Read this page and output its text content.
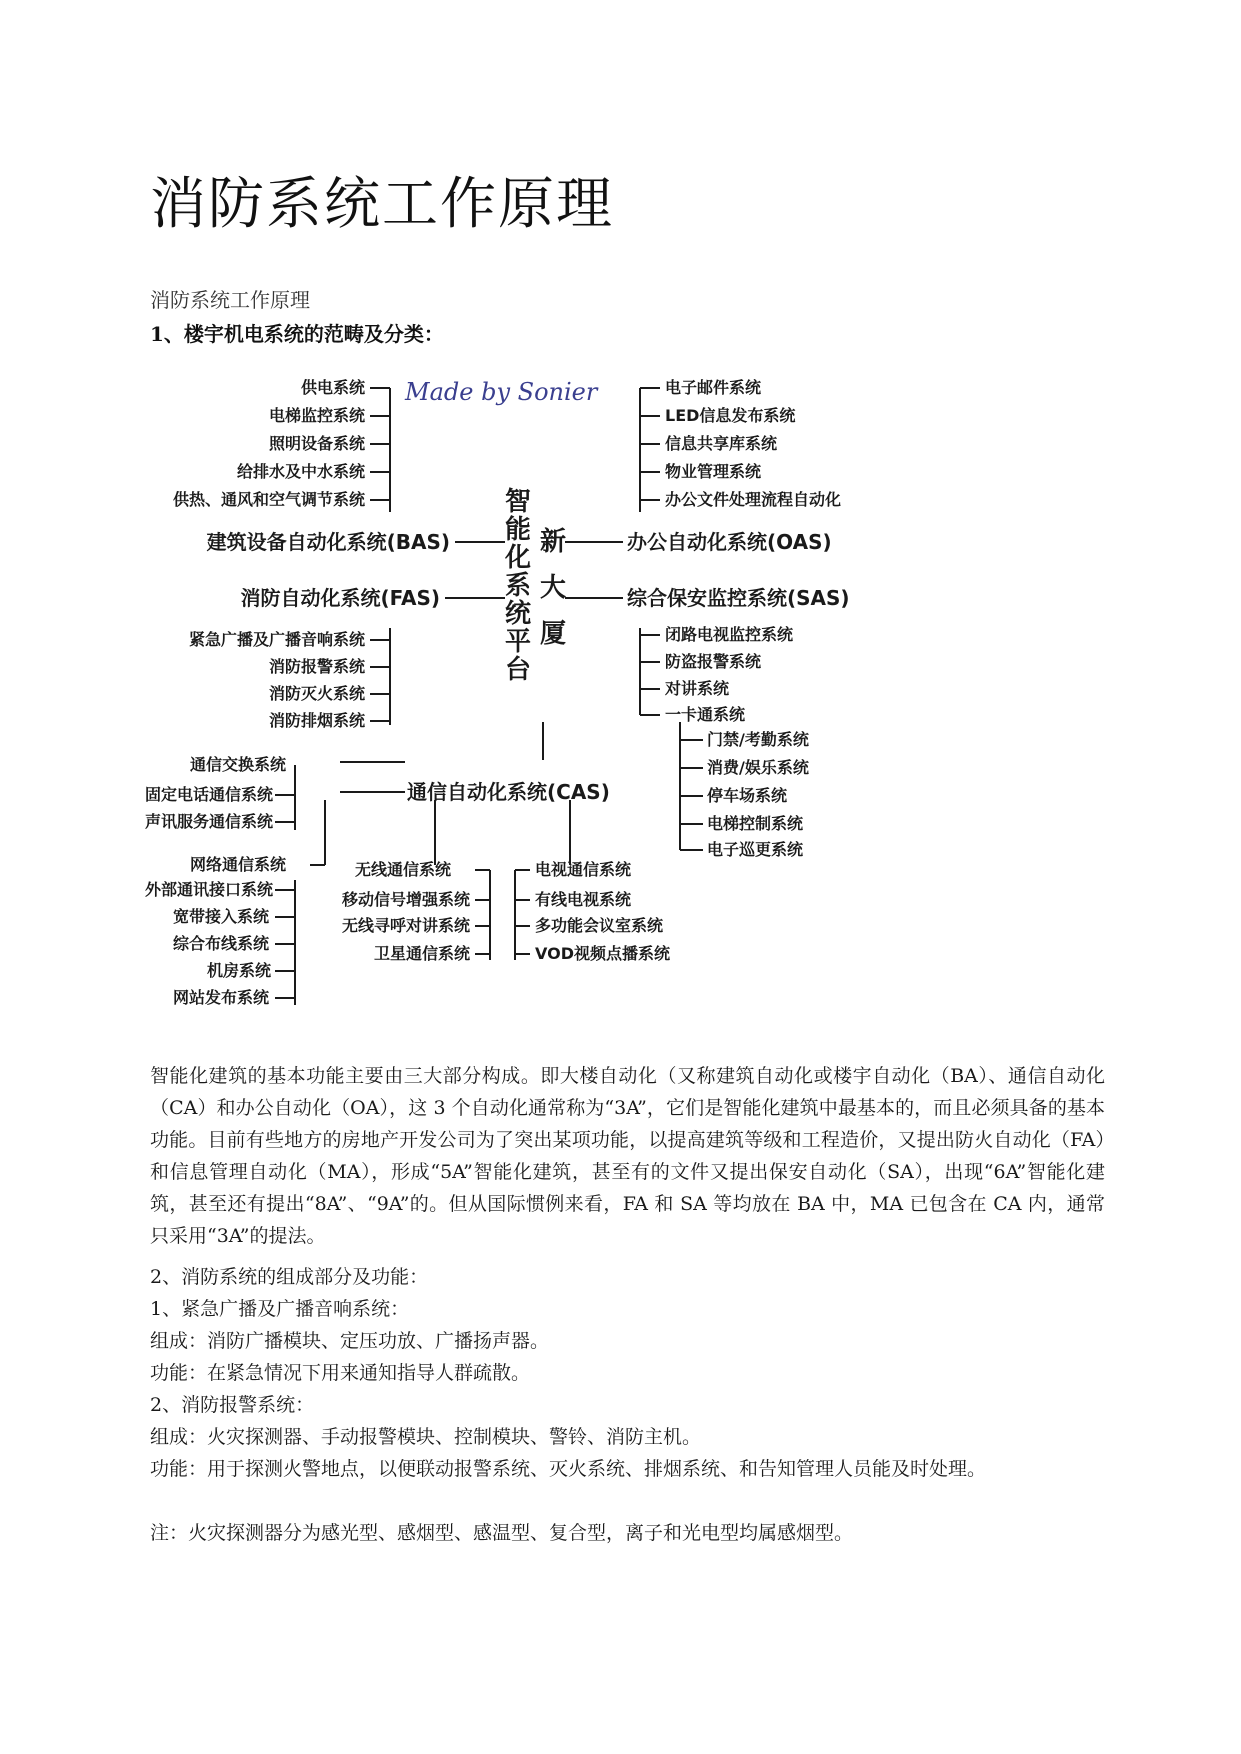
消防系统工作原理
消防系统工作原理
1、楼宇机电系统的范畴及分类：
Made by Sonier
供电系统
电梯监控系统
照明设备系统
给排水及中水系统
供热、通风和空气调节系统
建筑设备自动化系统(BAS)
消防自动化系统(FAS)
紧急广播及广播音响系统
消防报警系统
消防灭火系统
消防排烟系统
智
能
化
系
统
平
台
新
大
厦
电子邮件系统
LED信息发布系统
信息共享库系统
物业管理系统
办公文件处理流程自动化
办公自动化系统(OAS)
综合保安监控系统(SAS)
闭路电视监控系统
防盗报警系统
对讲系统
一卡通系统
门禁/考勤系统
消费/娱乐系统
停车场系统
电梯控制系统
电子巡更系统
通信自动化系统(CAS)
通信交换系统
固定电话通信系统
声讯服务通信系统
网络通信系统
外部通讯接口系统
宽带接入系统
综合布线系统
机房系统
网站发布系统
无线通信系统
移动信号增强系统
无线寻呼对讲系统
卫星通信系统
电视通信系统
有线电视系统
多功能会议室系统
VOD视频点播系统

智能化建筑的基本功能主要由三大部分构成。即大楼自动化（又称建筑自动化或楼宇自动化（BA）、通信自动化（CA）和办公自动化（OA），这 3 个自动化通常称为“3A”，它们是智能化建筑中最基本的，而且必须具备的基本功能。目前有些地方的房地产开发公司为了突出某项功能，以提高建筑等级和工程造价，又提出防火自动化（FA）和信息管理自动化（MA），形成“5A”智能化建筑，甚至有的文件又提出保安自动化（SA），出现“6A”智能化建筑，甚至还有提出“8A”、“9A”的。但从国际惯例来看，FA 和 SA 等均放在 BA 中，MA 已包含在 CA 内，通常只采用“3A”的提法。

2、消防系统的组成部分及功能：
1、紧急广播及广播音响系统：
组成：消防广播模块、定压功放、广播扬声器。
功能：在紧急情况下用来通知指导人群疏散。
2、消防报警系统：
组成：火灾探测器、手动报警模块、控制模块、警铃、消防主机。
功能：用于探测火警地点，以便联动报警系统、灭火系统、排烟系统、和告知管理人员能及时处理。
注：火灾探测器分为感光型、感烟型、感温型、复合型，离子和光电型均属感烟型。
